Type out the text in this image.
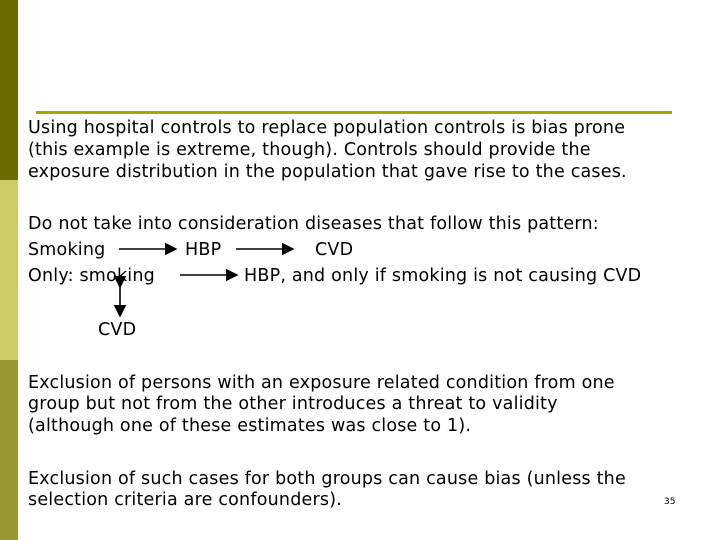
Using hospital controls to replace population controls is bias prone
(this example is extreme, though). Controls should provide the
exposure distribution in the population that gave rise to the cases.
Do not take into consideration diseases that follow this pattern:
Smoking	HBP	CVD
Only: smoking	HBP, and only if smoking is not causing CVD
CVD
Exclusion of persons with an exposure related condition from one
group but not from the other introduces a threat to validity
(although one of these estimates was close to 1).
Exclusion of such cases for both groups can cause bias (unless the
selection criteria are confounders).	35
